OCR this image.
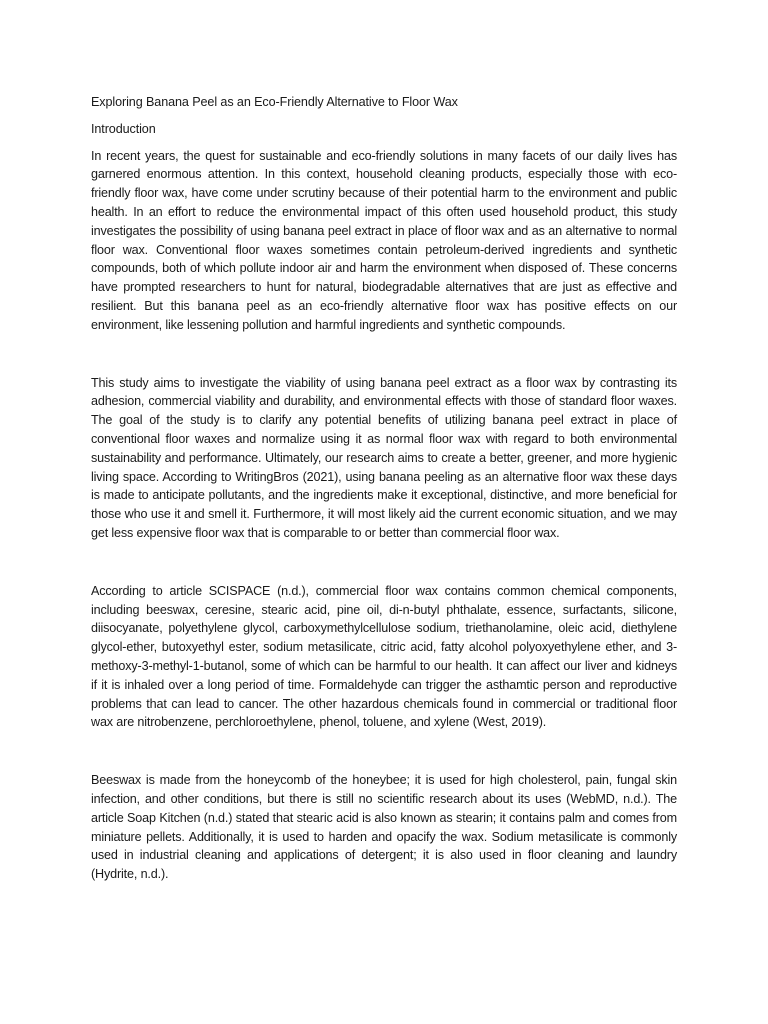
Exploring Banana Peel as an Eco-Friendly Alternative to Floor Wax

Introduction

In recent years, the quest for sustainable and eco-friendly solutions in many facets of our daily lives has garnered enormous attention. In this context, household cleaning products, especially those with eco-friendly floor wax, have come under scrutiny because of their potential harm to the environment and public health. In an effort to reduce the environmental impact of this often used household product, this study investigates the possibility of using banana peel extract in place of floor wax and as an alternative to normal floor wax. Conventional floor waxes sometimes contain petroleum-derived ingredients and synthetic compounds, both of which pollute indoor air and harm the environment when disposed of. These concerns have prompted researchers to hunt for natural, biodegradable alternatives that are just as effective and resilient. But this banana peel as an eco-friendly alternative floor wax has positive effects on our environment, like lessening pollution and harmful ingredients and synthetic compounds.

This study aims to investigate the viability of using banana peel extract as a floor wax by contrasting its adhesion, commercial viability and durability, and environmental effects with those of standard floor waxes. The goal of the study is to clarify any potential benefits of utilizing banana peel extract in place of conventional floor waxes and normalize using it as normal floor wax with regard to both environmental sustainability and performance. Ultimately, our research aims to create a better, greener, and more hygienic living space. According to WritingBros (2021), using banana peeling as an alternative floor wax these days is made to anticipate pollutants, and the ingredients make it exceptional, distinctive, and more beneficial for those who use it and smell it. Furthermore, it will most likely aid the current economic situation, and we may get less expensive floor wax that is comparable to or better than commercial floor wax.

According to article SCISPACE (n.d.), commercial floor wax contains common chemical components, including beeswax, ceresine, stearic acid, pine oil, di-n-butyl phthalate, essence, surfactants, silicone, diisocyanate, polyethylene glycol, carboxymethylcellulose sodium, triethanolamine, oleic acid, diethylene glycol-ether, butoxyethyl ester, sodium metasilicate, citric acid, fatty alcohol polyoxyethylene ether, and 3-methoxy-3-methyl-1-butanol, some of which can be harmful to our health. It can affect our liver and kidneys if it is inhaled over a long period of time. Formaldehyde can trigger the asthamtic person and reproductive problems that can lead to cancer. The other hazardous chemicals found in commercial or traditional floor wax are nitrobenzene, perchloroethylene, phenol, toluene, and xylene (West, 2019).

Beeswax is made from the honeycomb of the honeybee; it is used for high cholesterol, pain, fungal skin infection, and other conditions, but there is still no scientific research about its uses (WebMD, n.d.). The article Soap Kitchen (n.d.) stated that stearic acid is also known as stearin; it contains palm and comes from miniature pellets. Additionally, it is used to harden and opacify the wax. Sodium metasilicate is commonly used in industrial cleaning and applications of detergent; it is also used in floor cleaning and laundry (Hydrite, n.d.).
